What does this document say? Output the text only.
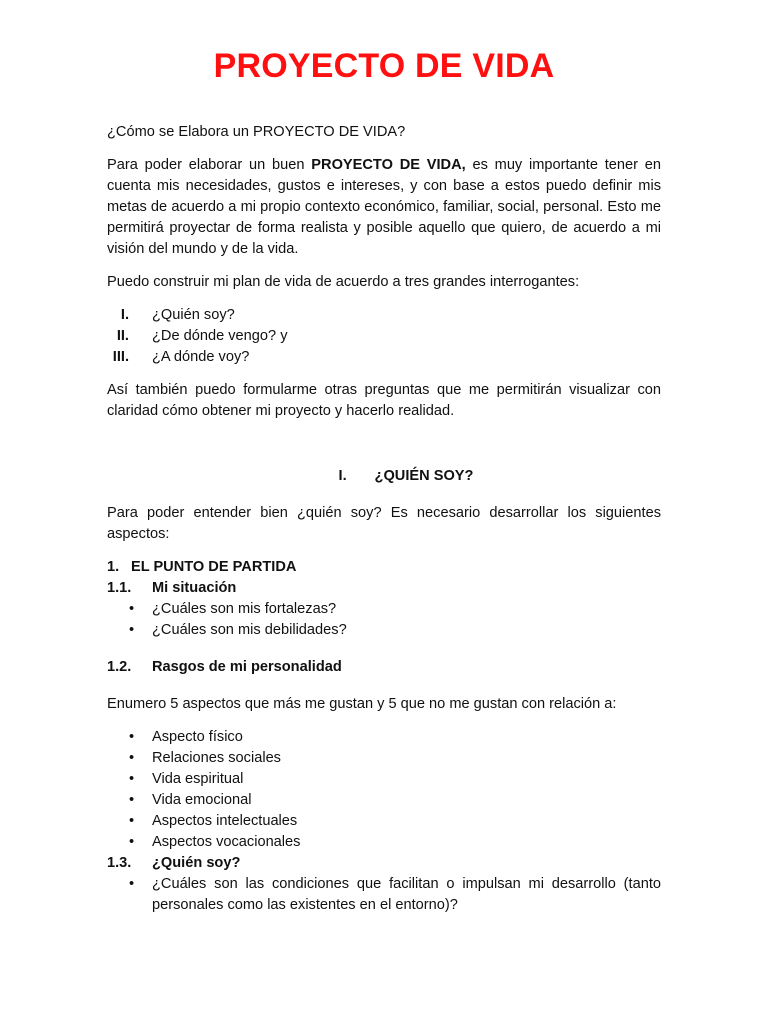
PROYECTO DE VIDA
¿Cómo se Elabora un PROYECTO DE VIDA?

Para poder elaborar un buen PROYECTO DE VIDA, es muy importante tener en cuenta mis necesidades, gustos e intereses, y con base a estos puedo definir mis metas de acuerdo a mi propio contexto económico, familiar, social, personal. Esto me permitirá proyectar de forma realista y posible aquello que quiero, de acuerdo a mi visión del mundo y de la vida.

Puedo construir mi plan de vida de acuerdo a tres grandes interrogantes:

I. ¿Quién soy?
II. ¿De dónde vengo? y
III. ¿A dónde voy?

Así también puedo formularme otras preguntas que me permitirán visualizar con claridad cómo obtener mi proyecto y hacerlo realidad.

I. ¿QUIÉN SOY?

Para poder entender bien ¿quién soy? Es necesario desarrollar los siguientes aspectos:

1. EL PUNTO DE PARTIDA
1.1. Mi situación
• ¿Cuáles son mis fortalezas?
• ¿Cuáles son mis debilidades?
1.2. Rasgos de mi personalidad

Enumero 5 aspectos que más me gustan y 5 que no me gustan con relación a:

• Aspecto físico
• Relaciones sociales
• Vida espiritual
• Vida emocional
• Aspectos intelectuales
• Aspectos vocacionales
1.3. ¿Quién soy?
• ¿Cuáles son las condiciones que facilitan o impulsan mi desarrollo (tanto personales como las existentes en el entorno)?
